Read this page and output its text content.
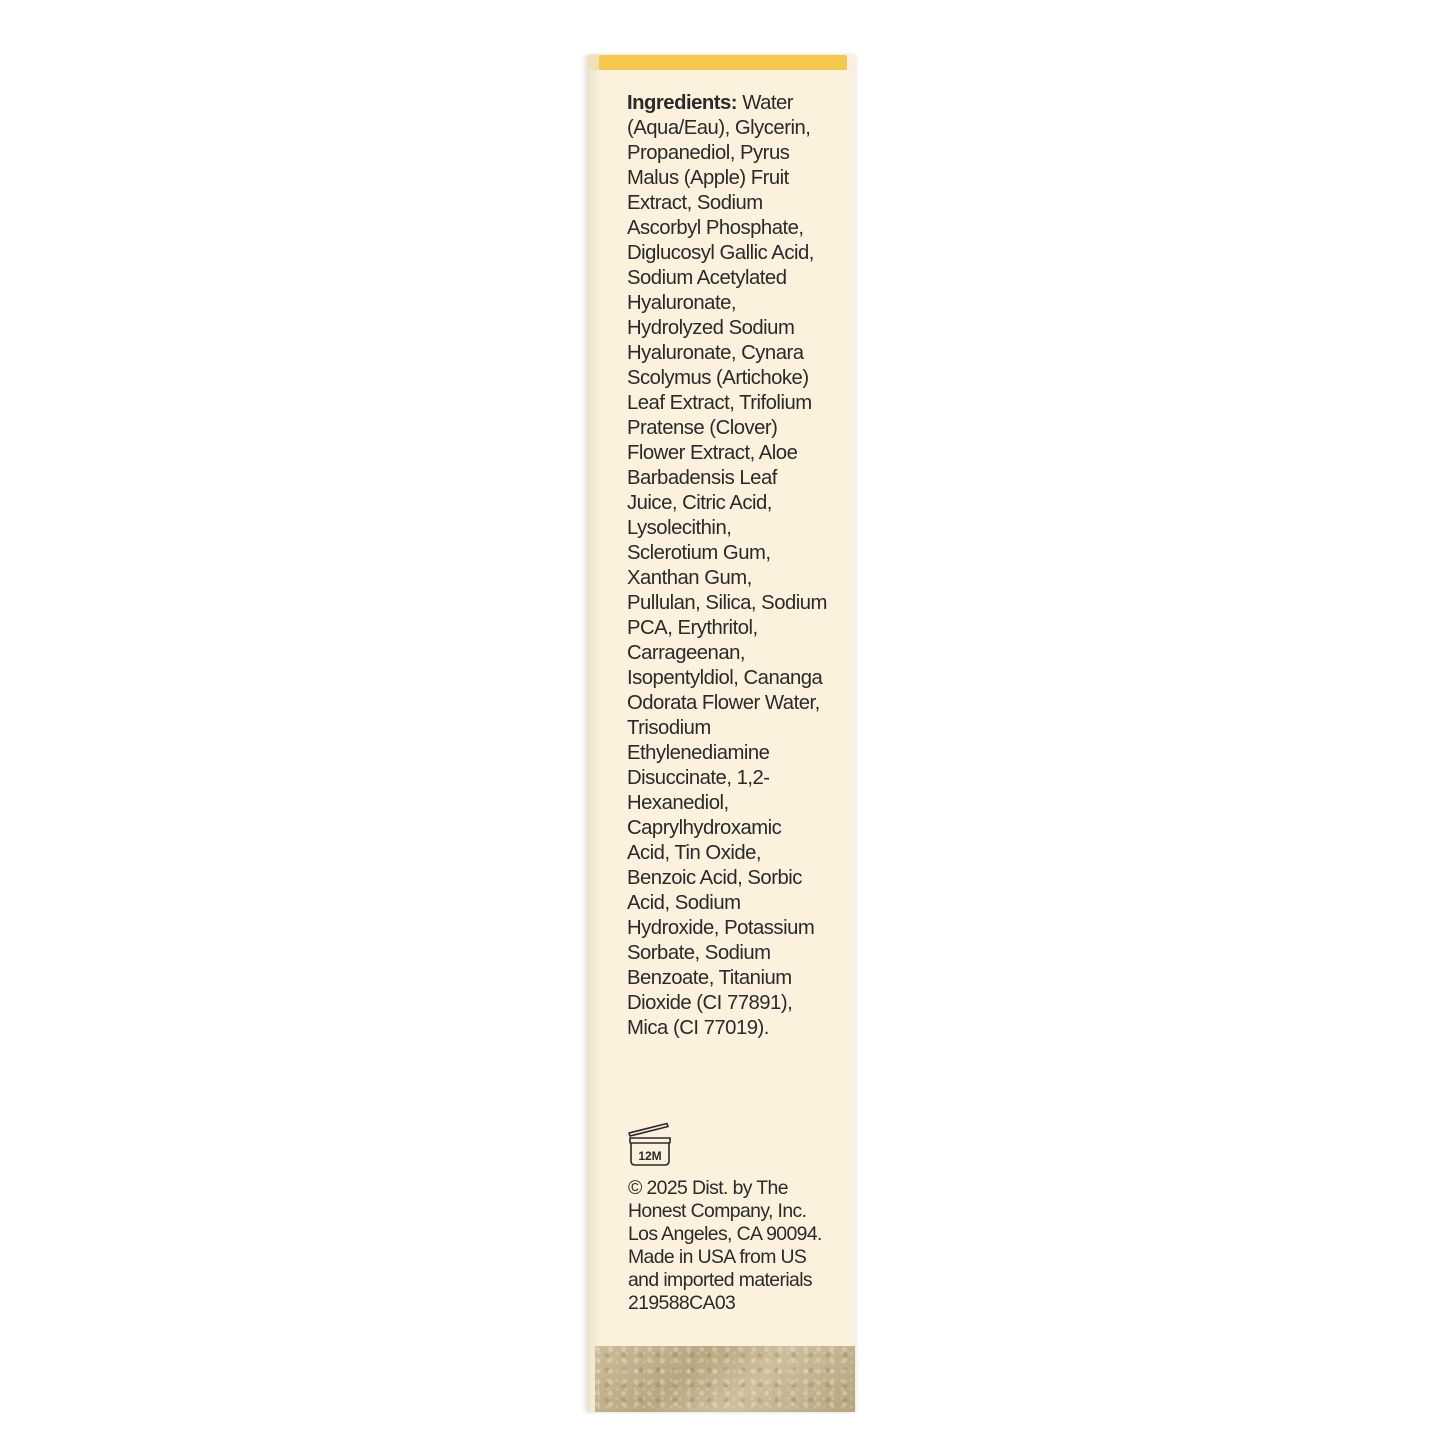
Ingredients: Water (Aqua/Eau), Glycerin, Propanediol, Pyrus Malus (Apple) Fruit Extract, Sodium Ascorbyl Phosphate, Diglucosyl Gallic Acid, Sodium Acetylated Hyaluronate, Hydrolyzed Sodium Hyaluronate, Cynara Scolymus (Artichoke) Leaf Extract, Trifolium Pratense (Clover) Flower Extract, Aloe Barbadensis Leaf Juice, Citric Acid, Lysolecithin, Sclerotium Gum, Xanthan Gum, Pullulan, Silica, Sodium PCA, Erythritol, Carrageenan, Isopentyldiol, Cananga Odorata Flower Water, Trisodium Ethylenediamine Disuccinate, 1,2-Hexanediol, Caprylhydroxamic Acid, Tin Oxide, Benzoic Acid, Sorbic Acid, Sodium Hydroxide, Potassium Sorbate, Sodium Benzoate, Titanium Dioxide (CI 77891), Mica (CI 77019).

12M

© 2025 Dist. by The Honest Company, Inc. Los Angeles, CA 90094. Made in USA from US and imported materials 219588CA03
